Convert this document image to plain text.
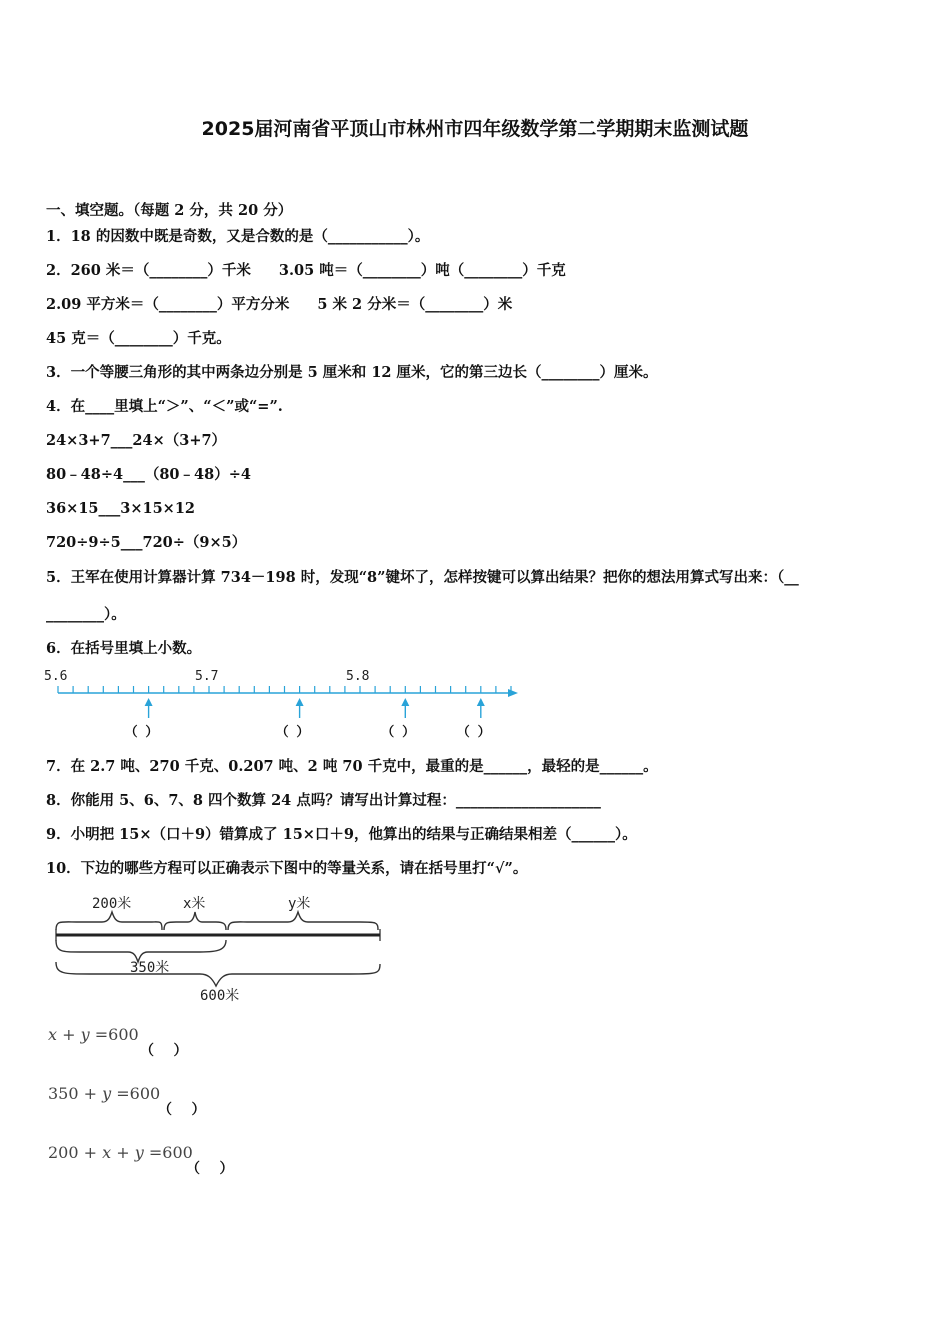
2025届河南省平顶山市林州市四年级数学第二学期期末监测试题
一、填空题。（每题 2 分，共 20 分）
1．18 的因数中既是奇数，又是合数的是（___________）。
2．260 米＝（________）千米 3.05 吨＝（________）吨（________）千克
2.09 平方米＝（________）平方分米 5 米 2 分米＝（________）米
45 克＝（________）千克。
3．一个等腰三角形的其中两条边分别是 5 厘米和 12 厘米，它的第三边长（________）厘米。
4．在____里填上“＞”、“＜”或“=”.
24×3+7___24×（3+7）
80﹣48÷4___（80﹣48）÷4
36×15___3×15×12
720÷9÷5___720÷（9×5）
5．王军在使用计算器计算 734－198 时，发现“8”键坏了，怎样按键可以算出结果？把你的想法用算式写出来：（__
________）。
6．在括号里填上小数。
5.6	5.7	5.8
（ ）	（ ）	（ ）	（ ）
7．在 2.7 吨、270 千克、0.207 吨、2 吨 70 千克中，最重的是______，最轻的是______。
8．你能用 5、6、7、8 四个数算 24 点吗？请写出计算过程：____________________
9．小明把 15×（口＋9）错算成了 15×口＋9，他算出的结果与正确结果相差（______）。
10．下边的哪些方程可以正确表示下图中的等量关系，请在括号里打“√”。
200米	x米	y米
350米
600米
x + y =600
（    ）
350 + y =600
（    ）
200 + x + y =600
（    ）
